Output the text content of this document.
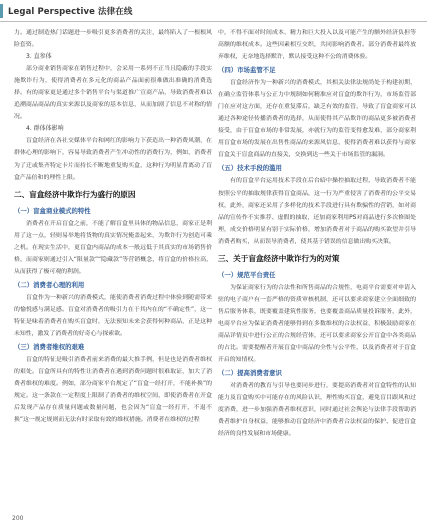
Legal Perspective 法律在线
力。通过制造热门话题进一步吸引更多消费者的关注，最终陷入了一根根风险套资。
3. 直参体
部分商业销售商家在销售过程中，会采用一系列不正当且隐蔽的手段实施欺诈行为，使得消费者在多元化的商品产品面前很难做出准确的消费选择。有的商家更是通过多个销售平台与渠道推广宣商产品，导致消费者难以追溯商品商品的真实来源以及商家的基本信息，从而加剧了信息不对称的情况。
4. 群体体影响
盲盒经济在各社交媒体平台和网红的影响力下获造出一种消费风潮，在群体心理的影响下，容易导致消费者产生冲动性的消费行为，例如，消费者为了迁或集齐特定卡片而持长不断地重复购买盒，这种行为明显背离动了盲盒产品倍和的理性上限。
二、盲盒经济中欺诈行为盛行的原因
（一）盲盒商业模式的特性
消费者在开启盲盒之前，不能了解盲盒里具体的物品信息，商家正是利用了这一点，轻则易举地将货物的真实情况掩盖起来，为欺诈行为创造可乘之机。在现实生活中，更盲盒内商品的成本一般远低于其真实的市场销售价格，而商家则通过引入“限量款”“隐藏款”等营销概念，将盲盒的价格拉高，从而获得了极可观的利润。
（二）消费者心理的利用
盲盒作为一种新兴的消费模式，能使消费者消费过程中体验到随需带来的愉悦感与满足感。盲盒对消费者的吸引力在于其内在的“不确定性”，这一特征是味着消费者在购买盲盒时，无法预知未来会获得何种商品，正是这种未知性，激发了消费者的好奇心与探索欲。
（三）消费者维权的艰难
盲盒的特征是吸引消费者前来消费的最大推手例，但是也是消费者维权的艰处。盲盒所具有的特性让消费者在遇到消费问题时很难取证，加大了消费者维权的难度。例如，部分商家平台规定了“盲盒一经打开，不能补换”的规定。这一条款在一定程度上限制了消费者的维权空间，即使消费者在开盒后发现产品存在质量问题或数量问题，也会因为“盲盒一经打开，不退不换”这一规定规则而无法有时采取有效的维权措施。消费者在维权的过程
中，不得不面对时间成本、精力和巨大投入以及可能产生的额外经济负担等高额的维权成本。这些因素相互交织，共同影响消费者。部分消费者最终放弃维权，无奈地选择默许，默认接受这种不公的消费体验。
（四）市场监管不足
盲盒经济作为一种新兴的消费模式，其相关法律法规尚处于构建初期，在确立监管体系与公正力中规制如何精准应对盲盒的欺诈行为，市场监管部门在应对这方面，还存在重复滞后，缺乏有效的监管，导致了盲盒商家可以通过各种途径传播消费者的选择，从而使得其产品欺诈的商品更多被消费者接受，由于盲盒市场的非常发展，亦就行为的监管变得愈发难，部分商家利用盲盒市场的发展在出售性商品的来源风信息，使得消费者难以获得与商家盲盒关于盲盒商品的直接关，交换到达一些关于市场监管的漏洞。
（五）技术手段的滥用
有的盲盒平台运用技术手段在后台暗中操控抽取过程，导致消费者不能按照公平的抽取规律获得盲盒商品，这一行为严重侵害了消费者的公平交易权，此外，商家还采用了多样化的技术手段进行具有欺骗性的营销，如对商品的宣传作不实推荐、虚假的抽取，还加商家利用PS对商品进行多次修图处理，成交价格明显有别于实际价格，增加消费者对于商品的购买欲望并引导消费者购买，从而误导消费者，使其基于错误的信息做出购买决策。
三、关于盲盒经济中欺诈行为的对策
（一）规范平台责任
为保证商家行为的合法性和所售商品的合规性，电商平台需要对申请入驻的电子商户有一套严格的资质审核机制，还可以要求商家建立全面细致的售后服务体系，既要覆盖建筑性服务，也要覆盖商品质量投诉服务，此外，电商平台应为保证消费者能够得到在多数维权的合法权益，积极鼓励商家在商品详情页中进行公正的合规经营体，还可以要求商家公开盲盒中各类商品的占比。需要提醒者开展盲盒中商品的全性与公平性，以及消费者对于盲盒开启的知情权。
（二）提高消费者意识
对消费者的教育与引导也要同步进行，要提高消费者对盲盒特性的认知能力及盲盒购买中可能存在的风险认识，理性购买盲盒，避免盲目跟风和过度消费，进一步加强消费者维权意识，同时通过社会舆论与法律手段帮助消费者维护自身权益，能够推动盲盒经济中消费者合法权益的保护、促进盲盒经济的良性发展和市场健康。
200
